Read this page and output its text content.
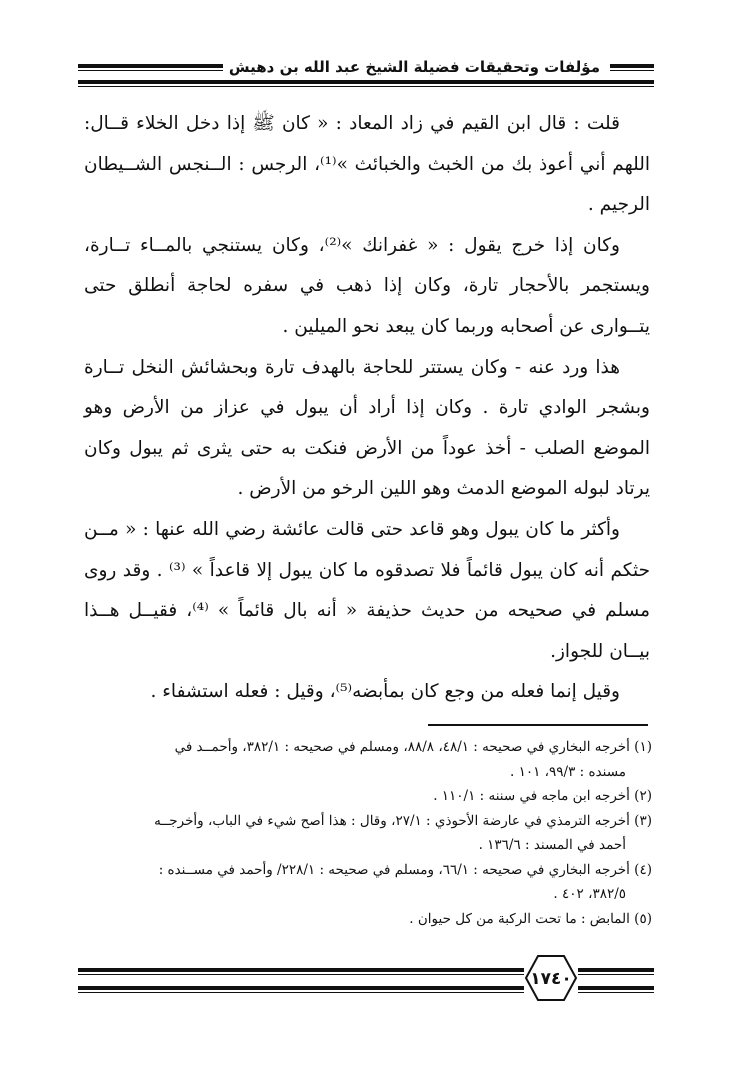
مؤلفات وتحقيقات فضيلة الشيخ عبد الله بن دهيش

قلت : قال ابن القيم في زاد المعاد : « كان ﷺ إذا دخل الخلاء قــال: اللهم أني أعوذ بك من الخبث والخبائث »⁽¹⁾، الرجس : الــنجس الشــيطان الرجيم .

وكان إذا خرج يقول : « غفرانك »⁽²⁾، وكان يستنجي بالمــاء تــارة، ويستجمر بالأحجار تارة، وكان إذا ذهب في سفره لحاجة أنطلق حتى يتــوارى عن أصحابه وربما كان يبعد نحو الميلين .

هذا ورد عنه - وكان يستتر للحاجة بالهدف تارة وبحشائش النخل تــارة وبشجر الوادي تارة . وكان إذا أراد أن يبول في عزاز من الأرض وهو الموضع الصلب - أخذ عوداً من الأرض فنكت به حتى يثرى ثم يبول وكان يرتاد لبوله الموضع الدمث وهو اللين الرخو من الأرض .

وأكثر ما كان يبول وهو قاعد حتى قالت عائشة رضي الله عنها : « مــن حثكم أنه كان يبول قائماً فلا تصدقوه ما كان يبول إلا قاعداً » ⁽³⁾ . وقد روى مسلم في صحيحه من حديث حذيفة « أنه بال قائماً » ⁽⁴⁾، فقيــل هــذا بيــان للجواز.

وقيل إنما فعله من وجع كان بمأبضه⁽⁵⁾، وقيل : فعله استشفاء .

(١) أخرجه البخاري في صحيحه : ٤٨/١، ٨٨/٨، ومسلم في صحيحه : ٣٨٢/١، وأحمــد في

مسنده : ٩٩/٣، ١٠١ .

(٢) أخرجه ابن ماجه في سننه : ١١٠/١ .

(٣) أخرجه الترمذي في عارضة الأحوذي : ٢٧/١، وقال : هذا أصح شيء في الباب، وأخرجــه

أحمد في المسند : ١٣٦/٦ .

(٤) أخرجه البخاري في صحيحه : ٦٦/١، ومسلم في صحيحه : ٢٢٨/١/ وأحمد في مســنده :

٣٨٢/٥، ٤٠٢ .

(٥) المابض : ما تحت الركبة من كل حيوان .

١٧٤٠
